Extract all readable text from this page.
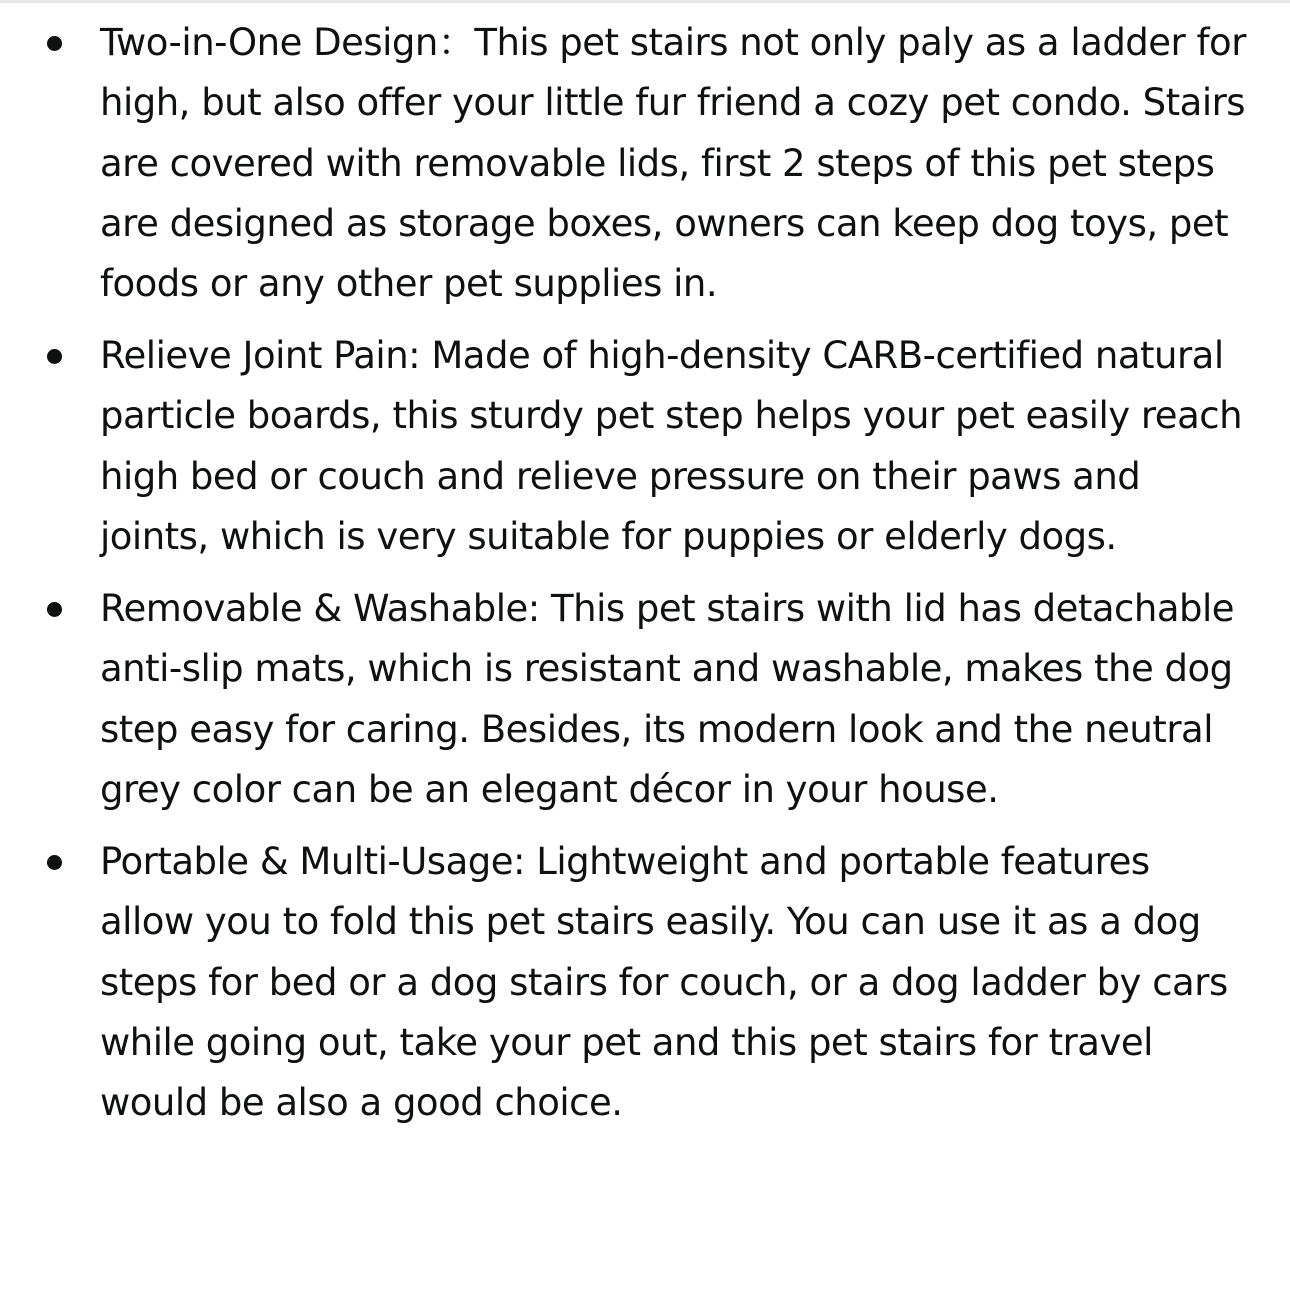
Two-in-One Design：This pet stairs not only paly as a ladder for high, but also offer your little fur friend a cozy pet condo. Stairs are covered with removable lids, first 2 steps of this pet steps are designed as storage boxes, owners can keep dog toys, pet foods or any other pet supplies in.
Relieve Joint Pain: Made of high-density CARB-certified natural particle boards, this sturdy pet step helps your pet easily reach high bed or couch and relieve pressure on their paws and joints, which is very suitable for puppies or elderly dogs.
Removable & Washable: This pet stairs with lid has detachable anti-slip mats, which is resistant and washable, makes the dog step easy for caring. Besides, its modern look and the neutral grey color can be an elegant décor in your house.
Portable & Multi-Usage: Lightweight and portable features allow you to fold this pet stairs easily. You can use it as a dog steps for bed or a dog stairs for couch, or a dog ladder by cars while going out, take your pet and this pet stairs for travel would be also a good choice.
